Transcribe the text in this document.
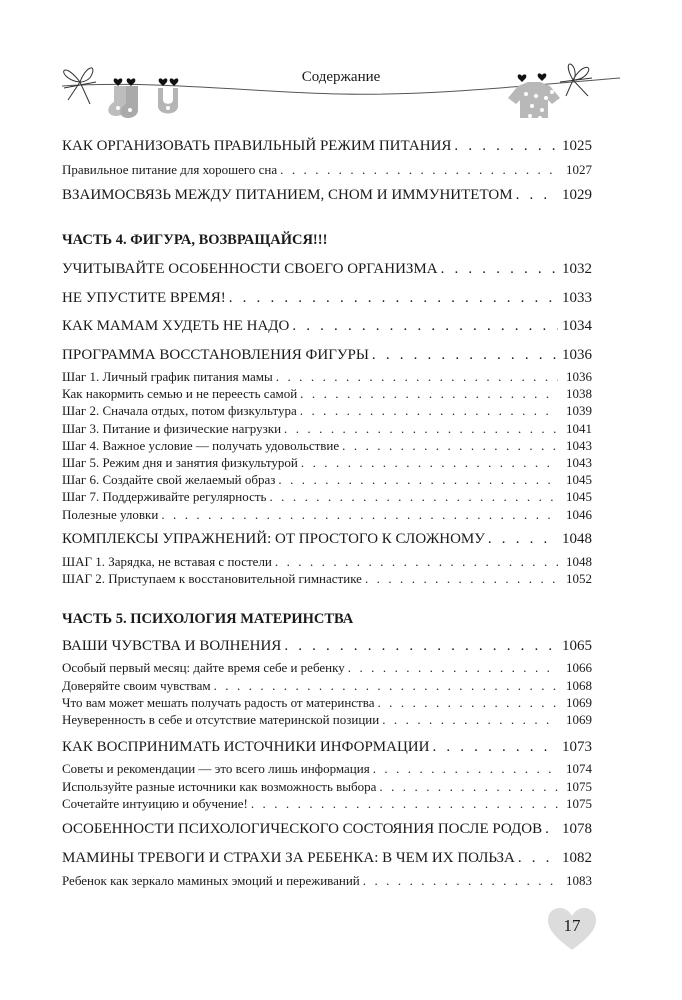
Содержание
КАК ОРГАНИЗОВАТЬ ПРАВИЛЬНЫЙ РЕЖИМ ПИТАНИЯ . . .	1025
Правильное питание для хорошего сна . . .	1027
ВЗАИМОСВЯЗЬ МЕЖДУ ПИТАНИЕМ, СНОМ И ИММУНИТЕТОМ . . .	1029
ЧАСТЬ 4. ФИГУРА, ВОЗВРАЩАЙСЯ!!!
УЧИТЫВАЙТЕ ОСОБЕННОСТИ СВОЕГО ОРГАНИЗМА . . .	1032
НЕ УПУСТИТЕ ВРЕМЯ! . . .	1033
КАК МАМАМ ХУДЕТЬ НЕ НАДО . . .	1034
ПРОГРАММА ВОССТАНОВЛЕНИЯ ФИГУРЫ . . .	1036
Шаг 1. Личный график питания мамы . . .	1036
Как накормить семью и не переесть самой . . .	1038
Шаг 2. Сначала отдых, потом физкультура . . .	1039
Шаг 3. Питание и физические нагрузки . . .	1041
Шаг 4. Важное условие — получать удовольствие . . .	1043
Шаг 5. Режим дня и занятия физкультурой . . .	1043
Шаг 6. Создайте свой желаемый образ . . .	1045
Шаг 7. Поддерживайте регулярность . . .	1045
Полезные уловки . . .	1046
КОМПЛЕКСЫ УПРАЖНЕНИЙ: ОТ ПРОСТОГО К СЛОЖНОМУ . . .	1048
ШАГ 1. Зарядка, не вставая с постели . . .	1048
ШАГ 2. Приступаем к восстановительной гимнастике . . .	1052
ЧАСТЬ 5. ПСИХОЛОГИЯ МАТЕРИНСТВА
ВАШИ ЧУВСТВА И ВОЛНЕНИЯ . . .	1065
Особый первый месяц: дайте время себе и ребенку . . .	1066
Доверяйте своим чувствам . . .	1068
Что вам может мешать получать радость от материнства . . .	1069
Неуверенность в себе и отсутствие материнской позиции . . .	1069
КАК ВОСПРИНИМАТЬ ИСТОЧНИКИ ИНФОРМАЦИИ . . .	1073
Советы и рекомендации — это всего лишь информация . . .	1074
Используйте разные источники как возможность выбора . . .	1075
Сочетайте интуицию и обучение! . . .	1075
ОСОБЕННОСТИ ПСИХОЛОГИЧЕСКОГО СОСТОЯНИЯ ПОСЛЕ РОДОВ . . . 1078
МАМИНЫ ТРЕВОГИ И СТРАХИ ЗА РЕБЕНКА: В ЧЕМ ИХ ПОЛЬЗА . . .	1082
Ребенок как зеркало маминых эмоций и переживаний . . .	1083
17
